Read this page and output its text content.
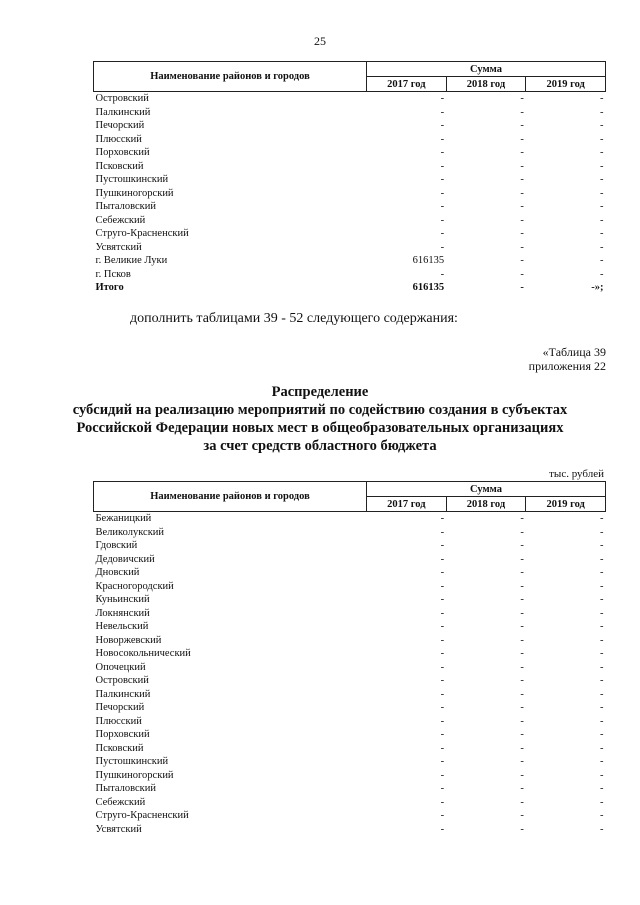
25
Наименование районов и городов	Сумма		
	2017 год	2018 год	2019 год
Островский	-	-	-
Палкинский	-	-	-
Печорский	-	-	-
Плюсский	-	-	-
Порховский	-	-	-
Псковский	-	-	-
Пустошкинский	-	-	-
Пушкиногорский	-	-	-
Пыталовский	-	-	-
Себежский	-	-	-
Струго-Красненский	-	-	-
Усвятский	-	-	-
г. Великие Луки	616135	-	-
г. Псков	-	-	-
Итого	616135	-	-»;
дополнить таблицами 39 - 52 следующего содержания:
«Таблица 39
приложения 22
Распределение
субсидий на реализацию мероприятий по содействию создания в субъектах
Российской Федерации новых мест в общеобразовательных организациях
за счет средств областного бюджета
тыс. рублей
Наименование районов и городов	Сумма		
	2017 год	2018 год	2019 год
Бежаницкий	-	-	-
Великолукский	-	-	-
Гдовский	-	-	-
Дедовичский	-	-	-
Дновский	-	-	-
Красногородский	-	-	-
Куньинский	-	-	-
Локнянский	-	-	-
Невельский	-	-	-
Новоржевский	-	-	-
Новосокольнический	-	-	-
Опочецкий	-	-	-
Островский	-	-	-
Палкинский	-	-	-
Печорский	-	-	-
Плюсский	-	-	-
Порховский	-	-	-
Псковский	-	-	-
Пустошкинский	-	-	-
Пушкиногорский	-	-	-
Пыталовский	-	-	-
Себежский	-	-	-
Струго-Красненский	-	-	-
Усвятский	-	-	-
